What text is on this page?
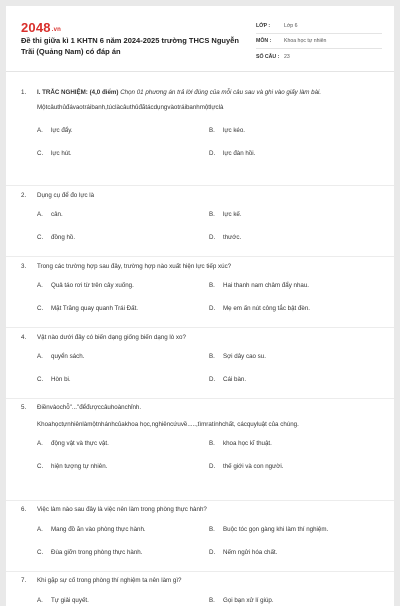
2048.vn
Đề thi giữa kì 1 KHTN 6 năm 2024-2025 trường THCS Nguyễn Trãi (Quảng Nam) có đáp án
LỚP :	Lớp 6
MÔN :	Khoa học tự nhiên
SỐ CÂU : 23
1.	I. TRẮC NGHIỆM: (4,0 điểm) Chọn 01 phương án trả lời đúng của mỗi câu sau và ghi vào giấy làm bài.
Mộtcâuthủđávaotráibanh,túclàcâuthủđãtácdụngvàotráibanhmộtlựclà
A.	lực đẩy.	B.	lực kéo.
C.	lực hút.	D.	lực đàn hồi.
2.	Dụng cụ để đo lực là
A.	cân.	B.	lực kế.
C.	đồng hồ.	D.	thước.
3.	Trong các trường hợp sau đây, trường hợp nào xuất hiện lực tiếp xúc?
A.	Quả táo rơi từ trên cây xuống.	B.	Hai thanh nam châm đẩy nhau.
C.	Mặt Trăng quay quanh Trái Đất.	D.	Mẹ em ấn nút công tắc bật đèn.
4.	Vật nào dưới đây có biến dạng giống biến dạng lò xo?
A.	quyển sách.	B.	Sợi dây cao su.
C.	Hòn bi.	D.	Cái bàn.
5.	Điềnvàochỗ"..."đểđượccâuhoànchỉnh.
Khoahọctựnhiênlàmộtnhánhcủakhoa học,nghiêncứuvề.....,tìmratínhchất, cácquyluật của chúng.
A.	động vật và thực vật.	B.	khoa học kĩ thuật.
C.	hiện tượng tự nhiên.	D.	thế giới và con người.
6.	Việc làm nào sau đây là việc nên làm trong phòng thực hành?
A.	Mang đồ ăn vào phòng thực hành.	B.	Buộc tóc gọn gàng khi làm thí nghiệm.
C.	Đùa giỡn trong phòng thực hành.	D.	Nếm ngửi hóa chất.
7.	Khi gặp sự cố trong phòng thí nghiệm ta nên làm gì?
A.	Tự giải quyết.	B.	Gọi bạn xử lí giúp.
